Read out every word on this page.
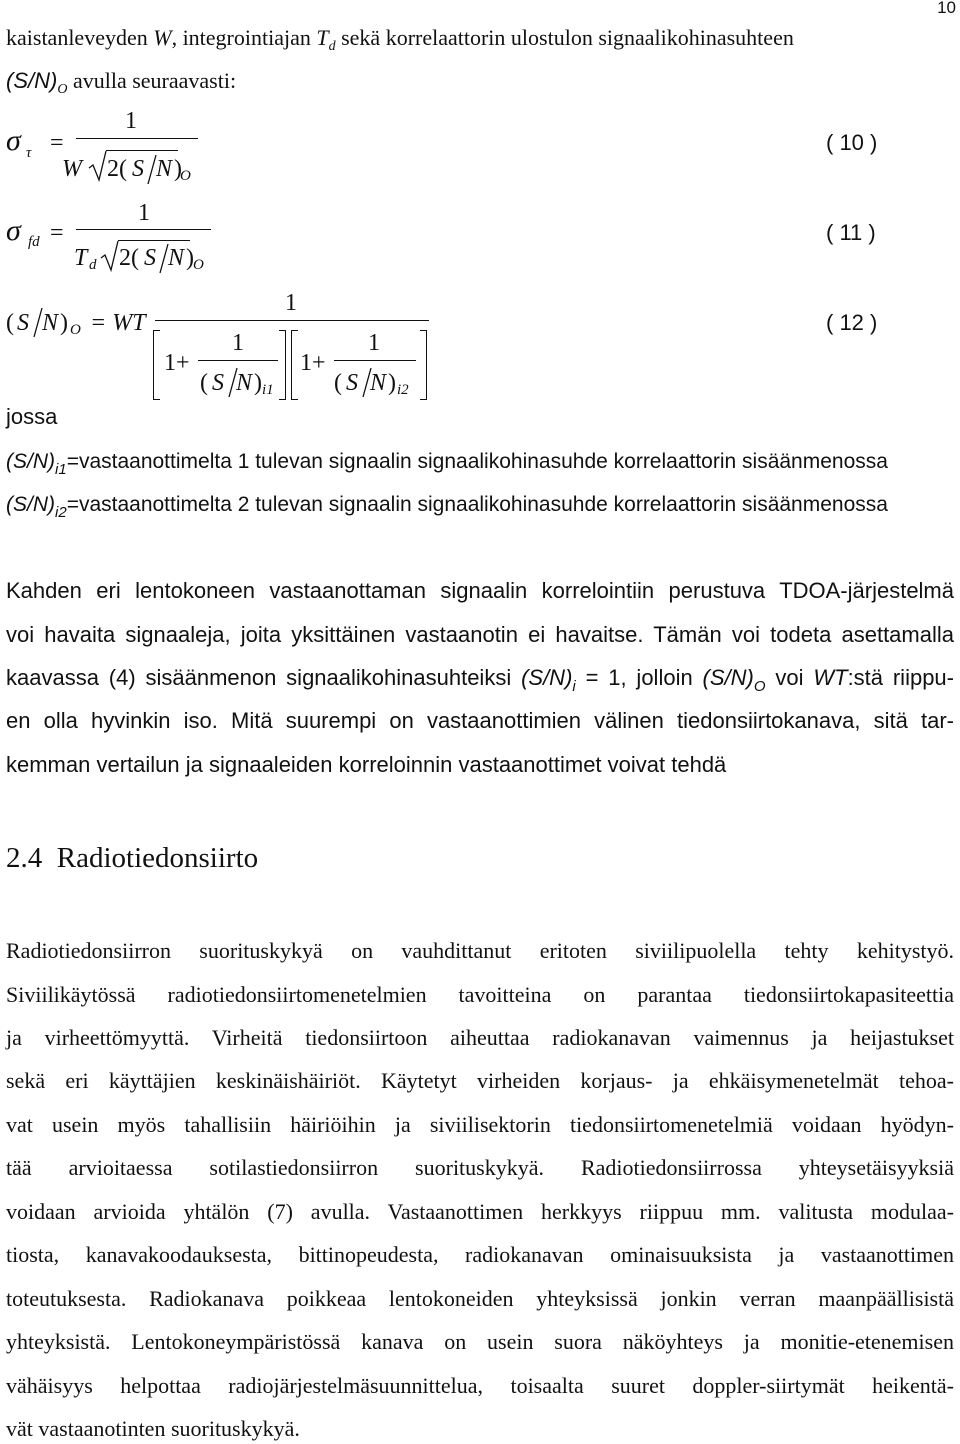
10
kaistanleveyden W, integrointiajan $T_d$ sekä korrelaattorin ulostulon signaalikohinasuhteen
$(S/N)_O$ avulla seuraavasti:
σ τ =
1
W 2( S N )
O
( 10 )
σ fd =
1
T d 2( S N ) O
( 11 )
( S N ) O = WT
1
1+
1
( S N ) i1
1+
1
( S N ) i2
( 12 )
jossa
$(S/N)_{i1}=vastaanottimelta$ 1 tulevan signaalin signaalikohinasuhde korrelaattorin sisäänmenossa
$(S/N)_{i2}=vastaanottimelta$ 2 tulevan signaalin signaalikohinasuhde korrelaattorin sisäänmenossa
Kahden eri lentokoneen vastaanottaman signaalin korrelointiin perustuva TDOA-järjestelmä
voi havaita signaaleja, joita yksittäinen vastaanotin ei havaitse. Tämän voi todeta asettamalla
kaavassa (4) sisäänmenon signaalikohinasuhteiksi $(S/N)_i = 1$, jolloin $(S/N)_O$ voi WT:stä riippu-
en olla hyvinkin iso. Mitä suurempi on vastaanottimien välinen tiedonsiirtokanava, sitä tar-
kemman vertailun ja signaaleiden korreloinnin vastaanottimet voivat tehdä
2.4 Radiotiedonsiirto
Radiotiedonsiirron suorituskykyä on vauhdittanut eritoten siviilipuolella tehty kehitystyö.
Siviilikäytössä radiotiedonsiirtomenetelmien tavoitteina on parantaa tiedonsiirtokapasiteettia
ja virheettömyyttä. Virheitä tiedonsiirtoon aiheuttaa radiokanavan vaimennus ja heijastukset
sekä eri käyttäjien keskinäishäiriöt. Käytetyt virheiden korjaus- ja ehkäisymenetelmät tehoa-
vat usein myös tahallisiin häiriöihin ja siviilisektorin tiedonsiirtomenetelmiä voidaan hyödyn-
tää arvioitaessa sotilastiedonsiirron suorituskykyä. Radiotiedonsiirrossa yhteysetäisyyksiä
voidaan arvioida yhtälön (7) avulla. Vastaanottimen herkkyys riippuu mm. valitusta modulaa-
tiosta, kanavakoodauksesta, bittinopeudesta, radiokanavan ominaisuuksista ja vastaanottimen
toteutuksesta. Radiokanava poikkeaa lentokoneiden yhteyksissä jonkin verran maanpäällisistä
yhteyksistä. Lentokoneympäristössä kanava on usein suora näköyhteys ja monitie-etenemisen
vähäisyys helpottaa radiojärjestelmäsuunnittelua, toisaalta suuret doppler-siirtymät heikentä-
vät vastaanotinten suorituskykyä.
